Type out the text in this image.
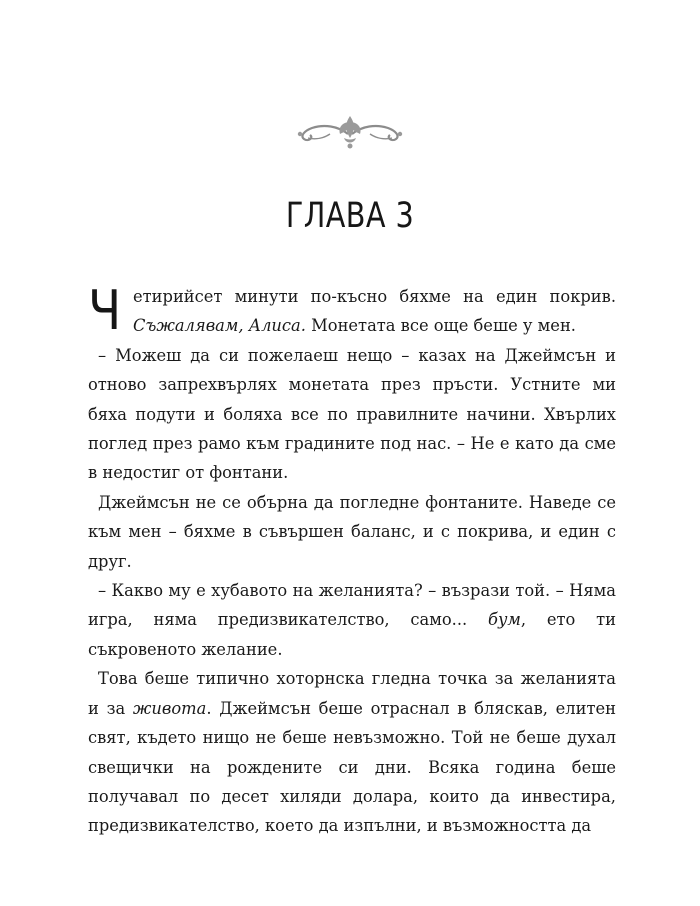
ГЛАВА 3

Четирийсет минути по-късно бяхме на един покрив. Съжалявам, Алиса. Монетата все още беше у мен.

– Можеш да си пожелаеш нещо – казах на Джеймсън и отново запрехвърлях монетата през пръсти. Устните ми бяха подути и боляха все по правилните начини. Хвърлих поглед през рамо към градините под нас. – Не е като да сме в недостиг от фонтани.

Джеймсън не се обърна да погледне фонтаните. Наведе се към мен – бяхме в съвършен баланс, и с покрива, и един с друг.

– Какво му е хубавото на желанията? – възрази той. – Няма игра, няма предизвикателство, само... бум, ето ти съкровеното желание.

Това беше типично хоторнска гледна точка за желанията и за живота. Джеймсън беше отраснал в бляскав, елитен свят, където нищо не беше невъзможно. Той не беше духал свещички на рождените си дни. Всяка година беше получавал по десет хиляди долара, които да инвестира, предизвикателство, което да изпълни, и възможността да
